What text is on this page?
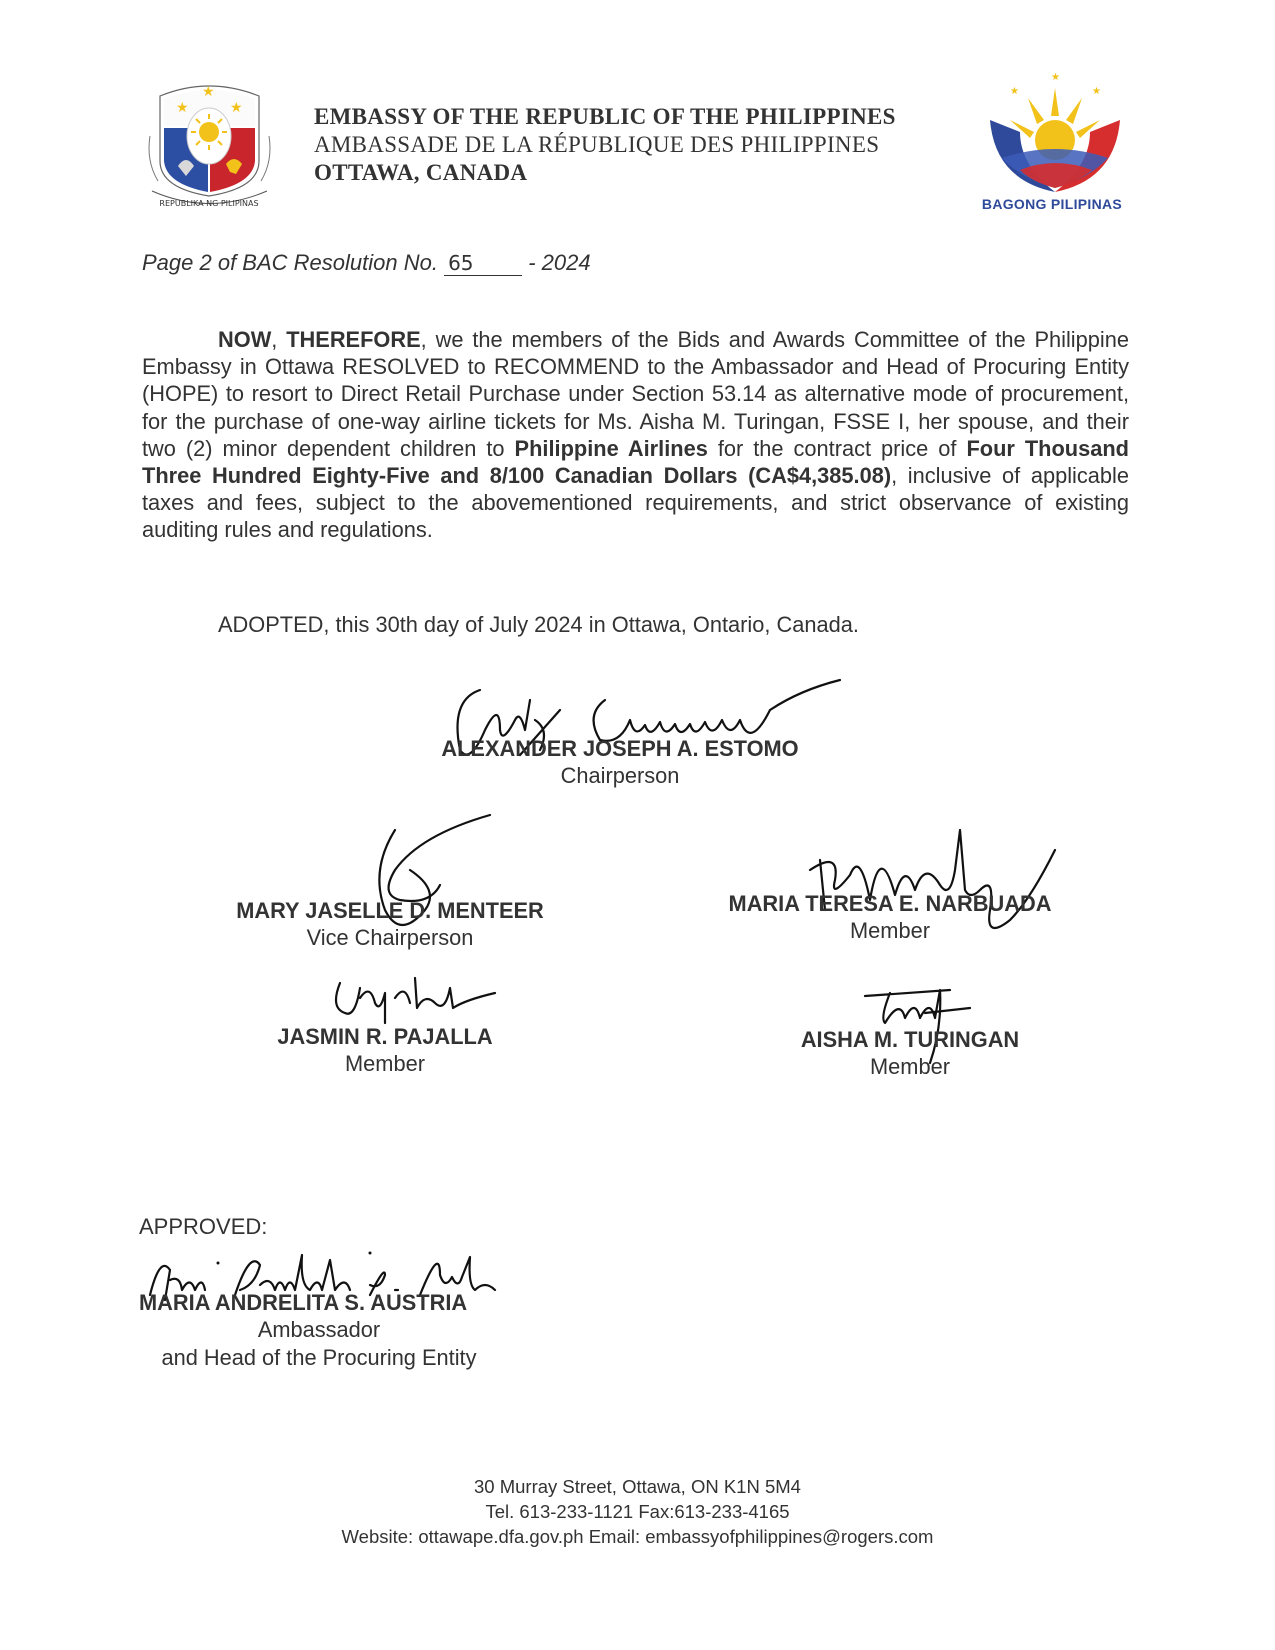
REPUBLIKA NG PILIPINAS
★
★
★	EMBASSY OF THE REPUBLIC OF THE PHILIPPINES
AMBASSADE DE LA RÉPUBLIQUE DES PHILIPPINES
OTTAWA, CANADA
★	★
★
BAGONG PILIPINAS
Page 2 of BAC Resolution No. 65 - 2024
NOW, THEREFORE, we the members of the Bids and Awards Committee of the Philippine Embassy in Ottawa RESOLVED to RECOMMEND to the Ambassador and Head of Procuring Entity (HOPE) to resort to Direct Retail Purchase under Section 53.14 as alternative mode of procurement, for the purchase of one-way airline tickets for Ms. Aisha M. Turingan, FSSE I, her spouse, and their two (2) minor dependent children to Philippine Airlines for the contract price of Four Thousand Three Hundred Eighty-Five and 8/100 Canadian Dollars (CA$4,385.08), inclusive of applicable taxes and fees, subject to the abovementioned requirements, and strict observance of existing auditing rules and regulations.
ADOPTED, this 30th day of July 2024 in Ottawa, Ontario, Canada.
ALEXANDER JOSEPH A. ESTOMO
Chairperson
MARY JASELLE D. MENTEER
Vice Chairperson
MARIA TERESA E. NARBUADA
Member
JASMIN R. PAJALLA
Member
AISHA M. TURINGAN
Member
APPROVED:
MARIA ANDRELITA S. AUSTRIA
Ambassador
and Head of the Procuring Entity
30 Murray Street, Ottawa, ON K1N 5M4
Tel. 613-233-1121 Fax:613-233-4165
Website: ottawape.dfa.gov.ph Email: embassyofphilippines@rogers.com
